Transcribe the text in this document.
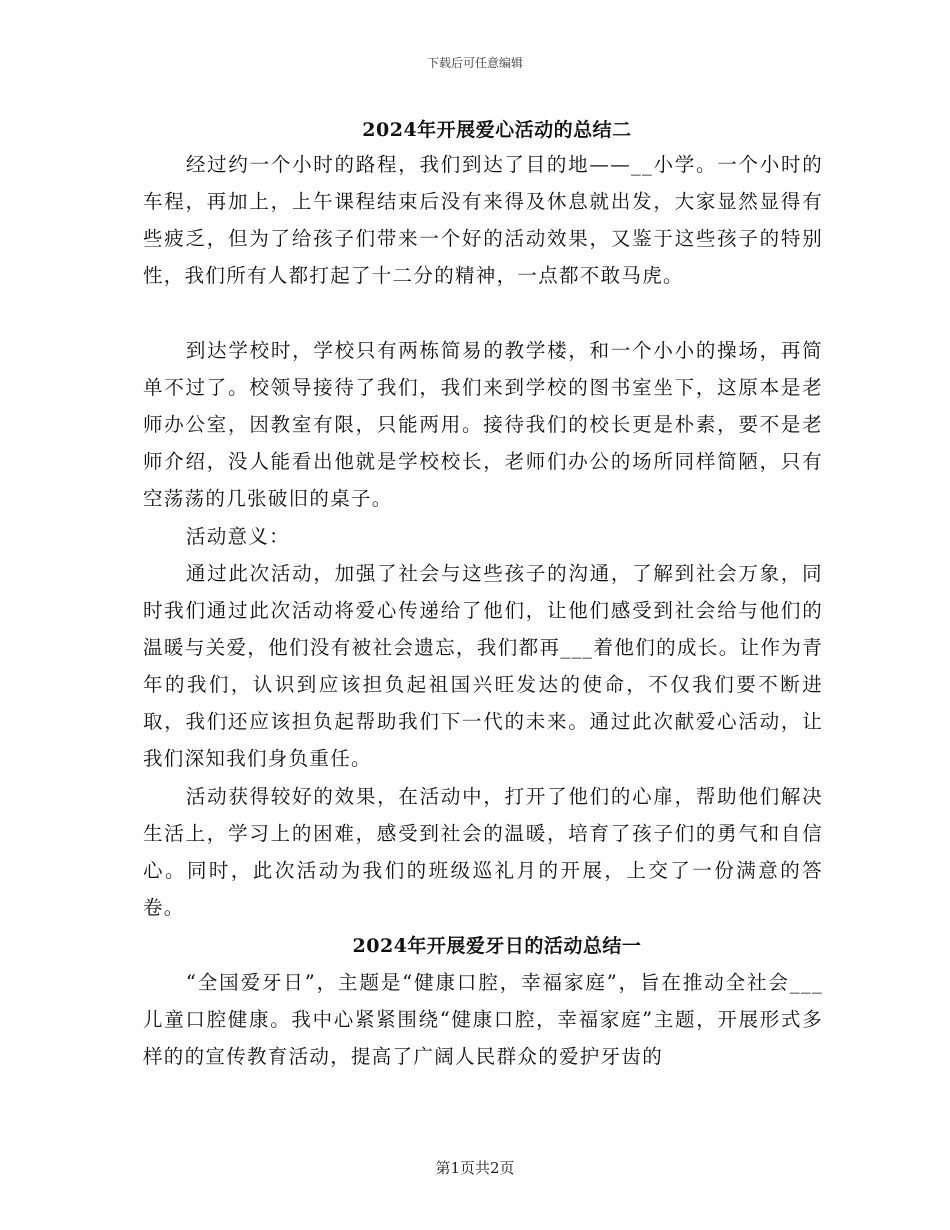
下载后可任意编辑
2024年开展爱心活动的总结二

经过约一个小时的路程，我们到达了目的地——__小学。一个小时的车程，再加上，上午课程结束后没有来得及休息就出发，大家显然显得有些疲乏，但为了给孩子们带来一个好的活动效果，又鉴于这些孩子的特别性，我们所有人都打起了十二分的精神，一点都不敢马虎。

到达学校时，学校只有两栋简易的教学楼，和一个小小的操场，再简单不过了。校领导接待了我们，我们来到学校的图书室坐下，这原本是老师办公室，因教室有限，只能两用。接待我们的校长更是朴素，要不是老师介绍，没人能看出他就是学校校长，老师们办公的场所同样简陋，只有空荡荡的几张破旧的桌子。

活动意义：

通过此次活动，加强了社会与这些孩子的沟通，了解到社会万象，同时我们通过此次活动将爱心传递给了他们，让他们感受到社会给与他们的温暖与关爱，他们没有被社会遗忘，我们都再___着他们的成长。让作为青年的我们，认识到应该担负起祖国兴旺发达的使命，不仅我们要不断进取，我们还应该担负起帮助我们下一代的未来。通过此次献爱心活动，让我们深知我们身负重任。

活动获得较好的效果，在活动中，打开了他们的心扉，帮助他们解决生活上，学习上的困难，感受到社会的温暖，培育了孩子们的勇气和自信心。同时，此次活动为我们的班级巡礼月的开展，上交了一份满意的答卷。

2024年开展爱牙日的活动总结一

“全国爱牙日”，主题是“健康口腔，幸福家庭”，旨在推动全社会___儿童口腔健康。我中心紧紧围绕“健康口腔，幸福家庭”主题，开展形式多样的的宣传教育活动，提高了广阔人民群众的爱护牙齿的

第1页共2页
